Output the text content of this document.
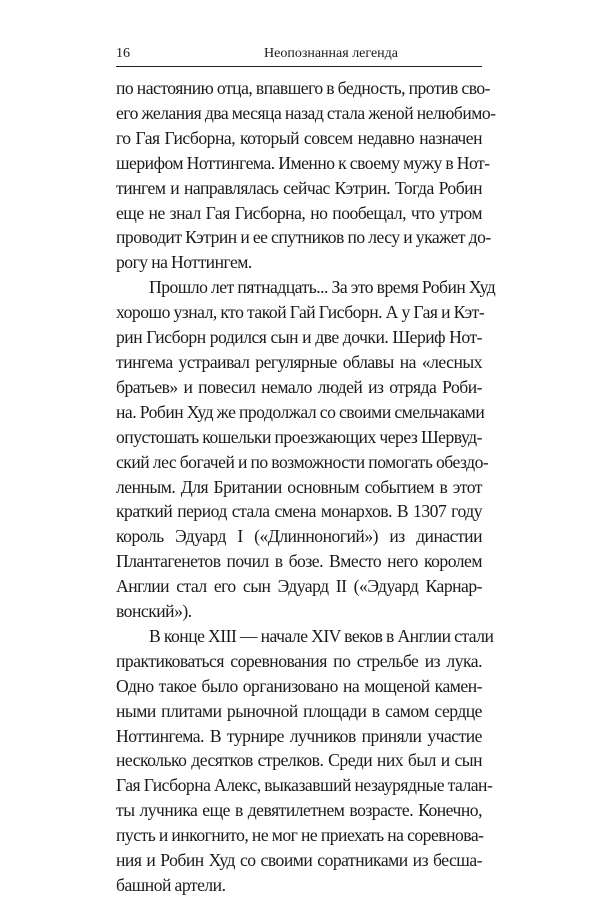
16	Неопознанная легенда

по настоянию отца, впавшего в бедность, против сво-
его желания два месяца назад стала женой нелюбимо-
го Гая Гисборна, который совсем недавно назначен
шерифом Ноттингема. Именно к своему мужу в Нот-
тингем и направлялась сейчас Кэтрин. Тогда Робин
еще не знал Гая Гисборна, но пообещал, что утром
проводит Кэтрин и ее спутников по лесу и укажет до-
рогу на Ноттингем.

Прошло лет пятнадцать... За это время Робин Худ
хорошо узнал, кто такой Гай Гисборн. А у Гая и Кэт-
рин Гисборн родился сын и две дочки. Шериф Нот-
тингема устраивал регулярные облавы на «лесных
братьев» и повесил немало людей из отряда Роби-
на. Робин Худ же продолжал со своими смельчаками
опустошать кошельки проезжающих через Шервуд-
ский лес богачей и по возможности помогать обездо-
ленным. Для Британии основным событием в этот
краткий период стала смена монархов. В 1307 году
король Эдуард I («Длинноногий») из династии
Плантагенетов почил в бозе. Вместо него королем
Англии стал его сын Эдуард II («Эдуард Карнар-
вонский»).

В конце XIII — начале XIV веков в Англии стали
практиковаться соревнования по стрельбе из лука.
Одно такое было организовано на мощеной камен-
ными плитами рыночной площади в самом сердце
Ноттингема. В турнире лучников приняли участие
несколько десятков стрелков. Среди них был и сын
Гая Гисборна Алекс, выказавший незаурядные талан-
ты лучника еще в девятилетнем возрасте. Конечно,
пусть и инкогнито, не мог не приехать на соревнова-
ния и Робин Худ со своими соратниками из бесша-
башной артели.
